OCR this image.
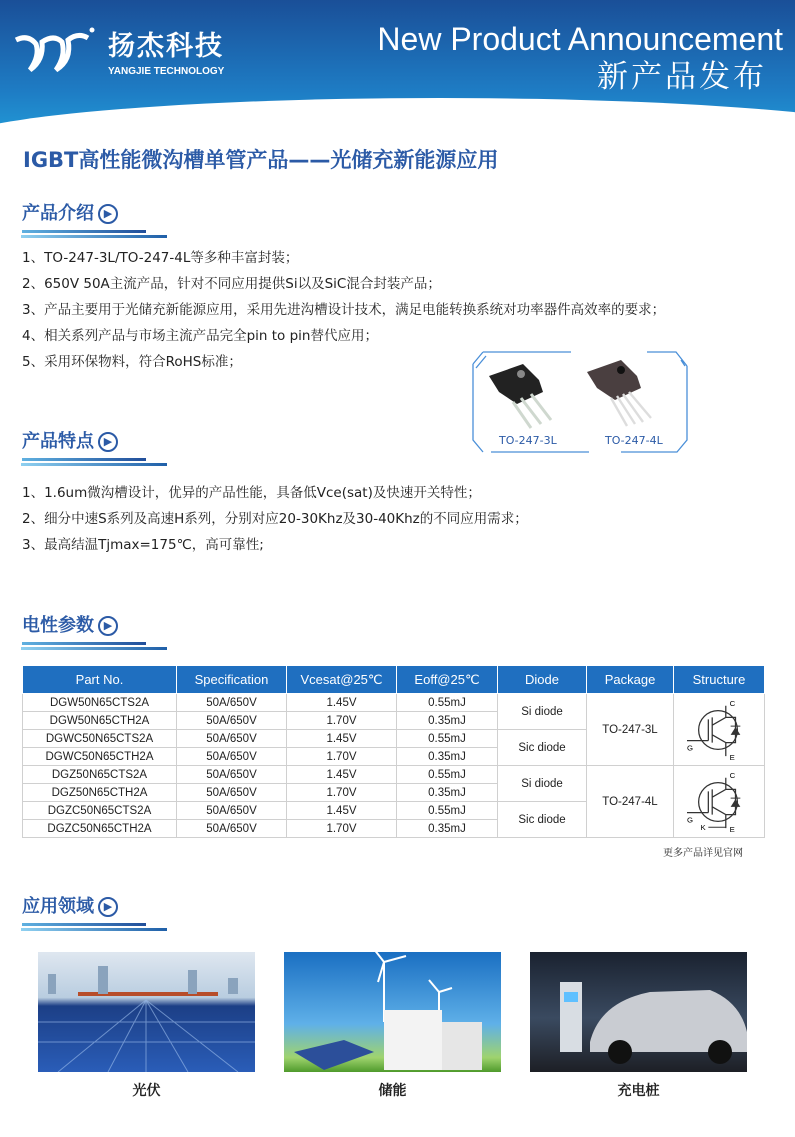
扬杰科技
YANGJIE TECHNOLOGY
New Product Announcement
新产品发布
IGBT高性能微沟槽单管产品——光储充新能源应用
产品介绍 ▶
1、TO-247-3L/TO-247-4L等多种丰富封装；
2、650V 50A主流产品，针对不同应用提供Si以及SiC混合封装产品；
3、产品主要用于光储充新能源应用，采用先进沟槽设计技术，满足电能转换系统对功率器件高效率的要求；
4、相关系列产品与市场主流产品完全pin to pin替代应用；
5、采用环保物料，符合RoHS标准；
TO-247-3L	TO-247-4L
产品特点 ▶
1、1.6um微沟槽设计，优异的产品性能，具备低Vce(sat)及快速开关特性；
2、细分中速S系列及高速H系列，分别对应20-30Khz及30-40Khz的不同应用需求；
3、最高结温Tjmax=175℃，高可靠性;
电性参数 ▶
Part No.	Specification	Vcesat@25℃	Eoff@25℃	Diode	Package	Structure
DGW50N65CTS2A	50A/650V	1.45V	0.55mJ	Si diode	TO-247-3L	C
G
E

DGW50N65CTH2A	50A/650V	1.70V	0.35mJ			
DGWC50N65CTS2A	50A/650V	1.45V	0.55mJ	Sic diode		
DGWC50N65CTH2A	50A/650V	1.70V	0.35mJ			
DGZ50N65CTS2A	50A/650V	1.45V	0.55mJ	Si diode	TO-247-4L	C
G
E
K

DGZ50N65CTH2A	50A/650V	1.70V	0.35mJ			
DGZC50N65CTS2A	50A/650V	1.45V	0.55mJ	Sic diode		
DGZC50N65CTH2A	50A/650V	1.70V	0.35mJ			
更多产品详见官网
应用领域 ▶
光伏	储能	充电桩
